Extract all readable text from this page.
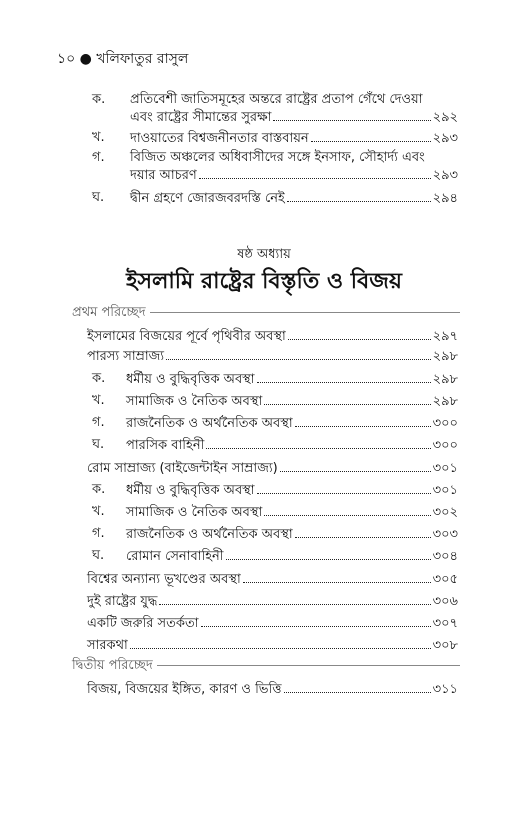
১০ ● খলিফাতুর রাসুল
ক. প্রতিবেশী জাতিসমূহের অন্তরে রাষ্ট্রের প্রতাপ গেঁথে দেওয়া
এবং রাষ্ট্রের সীমান্তের সুরক্ষা	২৯২
খ. দাওয়াতের বিশ্বজনীনতার বাস্তবায়ন	২৯৩
গ. বিজিত অঞ্চলের অধিবাসীদের সঙ্গে ইনসাফ, সৌহার্দ্য এবং
দয়ার আচরণ	২৯৩
ঘ. দ্বীন গ্রহণে জোরজবরদস্তি নেই	২৯৪
ষষ্ঠ অধ্যায়
ইসলামি রাষ্ট্রের বিস্তৃতি ও বিজয়
প্রথম পরিচ্ছেদ
ইসলামের বিজয়ের পূর্বে পৃথিবীর অবস্থা	২৯৭
পারস্য সাম্রাজ্য	২৯৮
ক. ধর্মীয় ও বুদ্ধিবৃত্তিক অবস্থা	২৯৮
খ. সামাজিক ও নৈতিক অবস্থা	২৯৮
গ. রাজনৈতিক ও অর্থনৈতিক অবস্থা	৩০০
ঘ. পারসিক বাহিনী	৩০০
রোম সাম্রাজ্য (বাইজেন্টাইন সাম্রাজ্য)	৩০১
ক. ধর্মীয় ও বুদ্ধিবৃত্তিক অবস্থা	৩০১
খ. সামাজিক ও নৈতিক অবস্থা	৩০২
গ. রাজনৈতিক ও অর্থনৈতিক অবস্থা	৩০৩
ঘ. রোমান সেনাবাহিনী	৩০৪
বিশ্বের অন্যান্য ভূখণ্ডের অবস্থা	৩০৫
দুই রাষ্ট্রের যুদ্ধ	৩০৬
একটি জরুরি সতর্কতা	৩০৭
সারকথা	৩০৮
দ্বিতীয় পরিচ্ছেদ
বিজয়, বিজয়ের ইঙ্গিত, কারণ ও ভিত্তি	৩১১
